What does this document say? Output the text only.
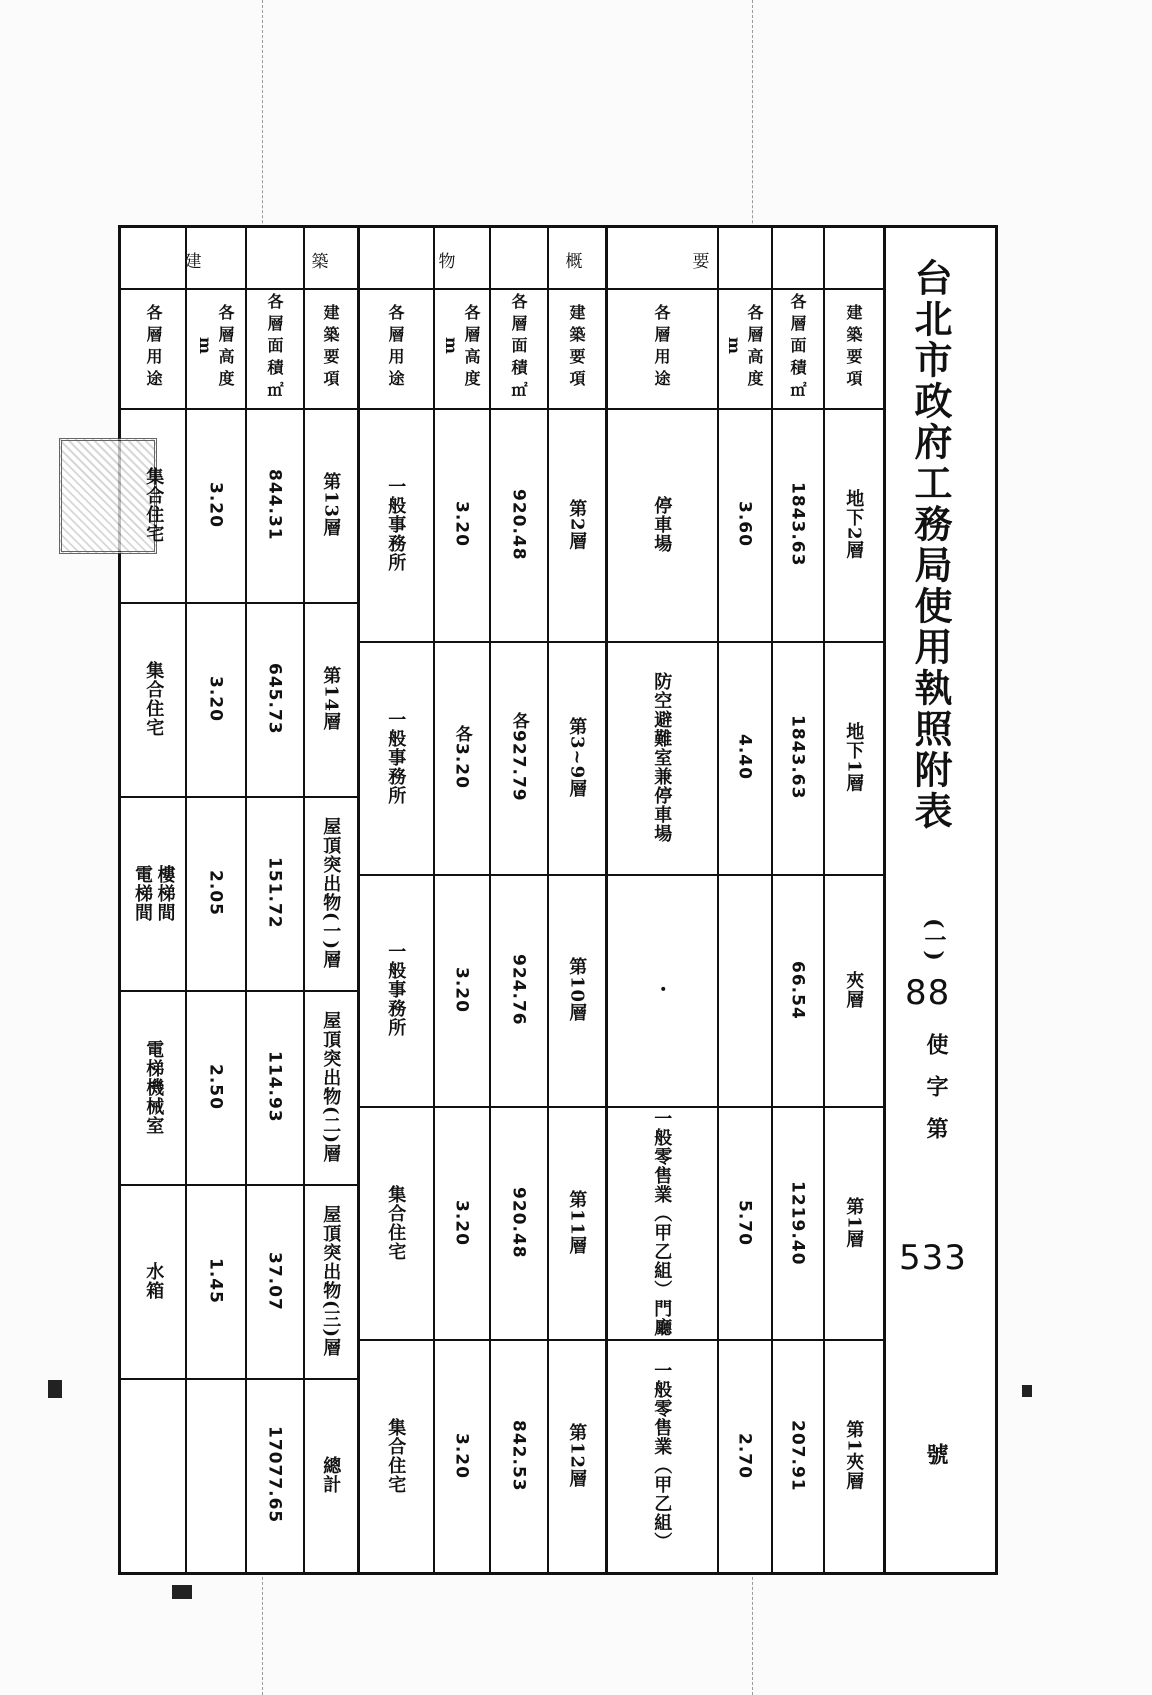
台北市政府工務局使用執照附表
(一)
88
使字第
533
號
建築物概要
建築要項
地下2層
地下1層
夾層
第1層
第1夾層
各層面積㎡
1843.63
1843.63
66.54
1219.40
207.91
各層高度 m
3.60
4.40
5.70
2.70
各層用途
停車場
防空避難室兼停車場
・
一般零售業（甲乙組）門廳
一般零售業（甲乙組）
建築要項
第2層
第3~9層
第10層
第11層
第12層
各層面積㎡
920.48
各927.79
924.76
920.48
842.53
各層高度 m
3.20
各3.20
3.20
3.20
3.20
各層用途
一般事務所
一般事務所
一般事務所
集合住宅
集合住宅
建築要項
第13層
第14層
屋頂突出物(一)層
屋頂突出物(二)層
屋頂突出物(三)層
總計
各層面積㎡
844.31
645.73
151.72
114.93
37.07
17077.65
各層高度 m
3.20
3.20
2.05
2.50
1.45
各層用途
集合住宅
集合住宅
樓梯間
電梯間
電梯機械室
水箱
